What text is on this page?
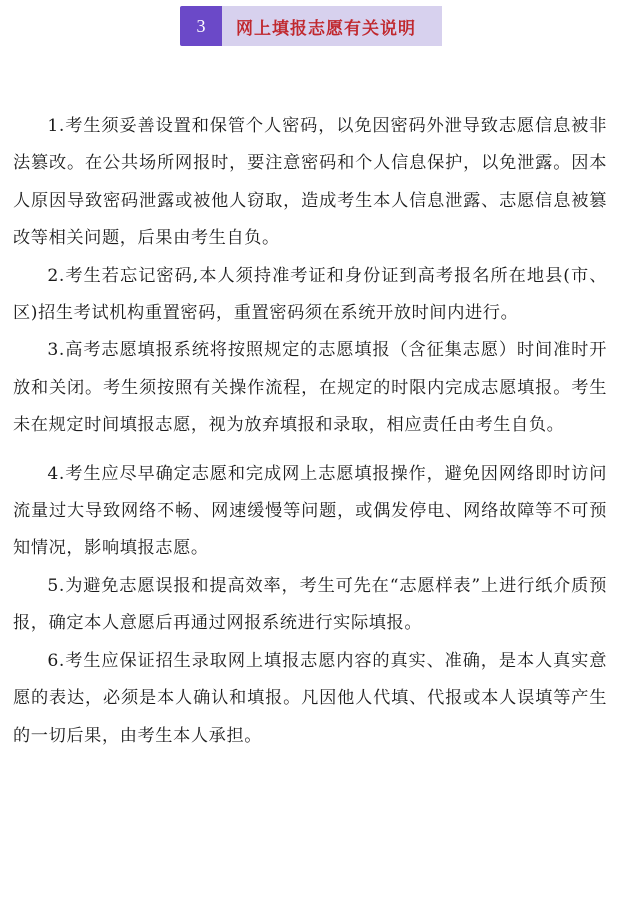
3	网上填报志愿有关说明

1.考生须妥善设置和保管个人密码，以免因密码外泄导致志愿信息被非法篡改。在公共场所网报时，要注意密码和个人信息保护，以免泄露。因本人原因导致密码泄露或被他人窃取，造成考生本人信息泄露、志愿信息被篡改等相关问题，后果由考生自负。

2.考生若忘记密码,本人须持准考证和身份证到高考报名所在地县(市、区)招生考试机构重置密码，重置密码须在系统开放时间内进行。

3.高考志愿填报系统将按照规定的志愿填报（含征集志愿）时间准时开放和关闭。考生须按照有关操作流程，在规定的时限内完成志愿填报。考生未在规定时间填报志愿，视为放弃填报和录取，相应责任由考生自负。

4.考生应尽早确定志愿和完成网上志愿填报操作，避免因网络即时访问流量过大导致网络不畅、网速缓慢等问题，或偶发停电、网络故障等不可预知情况，影响填报志愿。

5.为避免志愿误报和提高效率，考生可先在“志愿样表”上进行纸介质预报，确定本人意愿后再通过网报系统进行实际填报。

6.考生应保证招生录取网上填报志愿内容的真实、准确，是本人真实意愿的表达，必须是本人确认和填报。凡因他人代填、代报或本人误填等产生的一切后果，由考生本人承担。
